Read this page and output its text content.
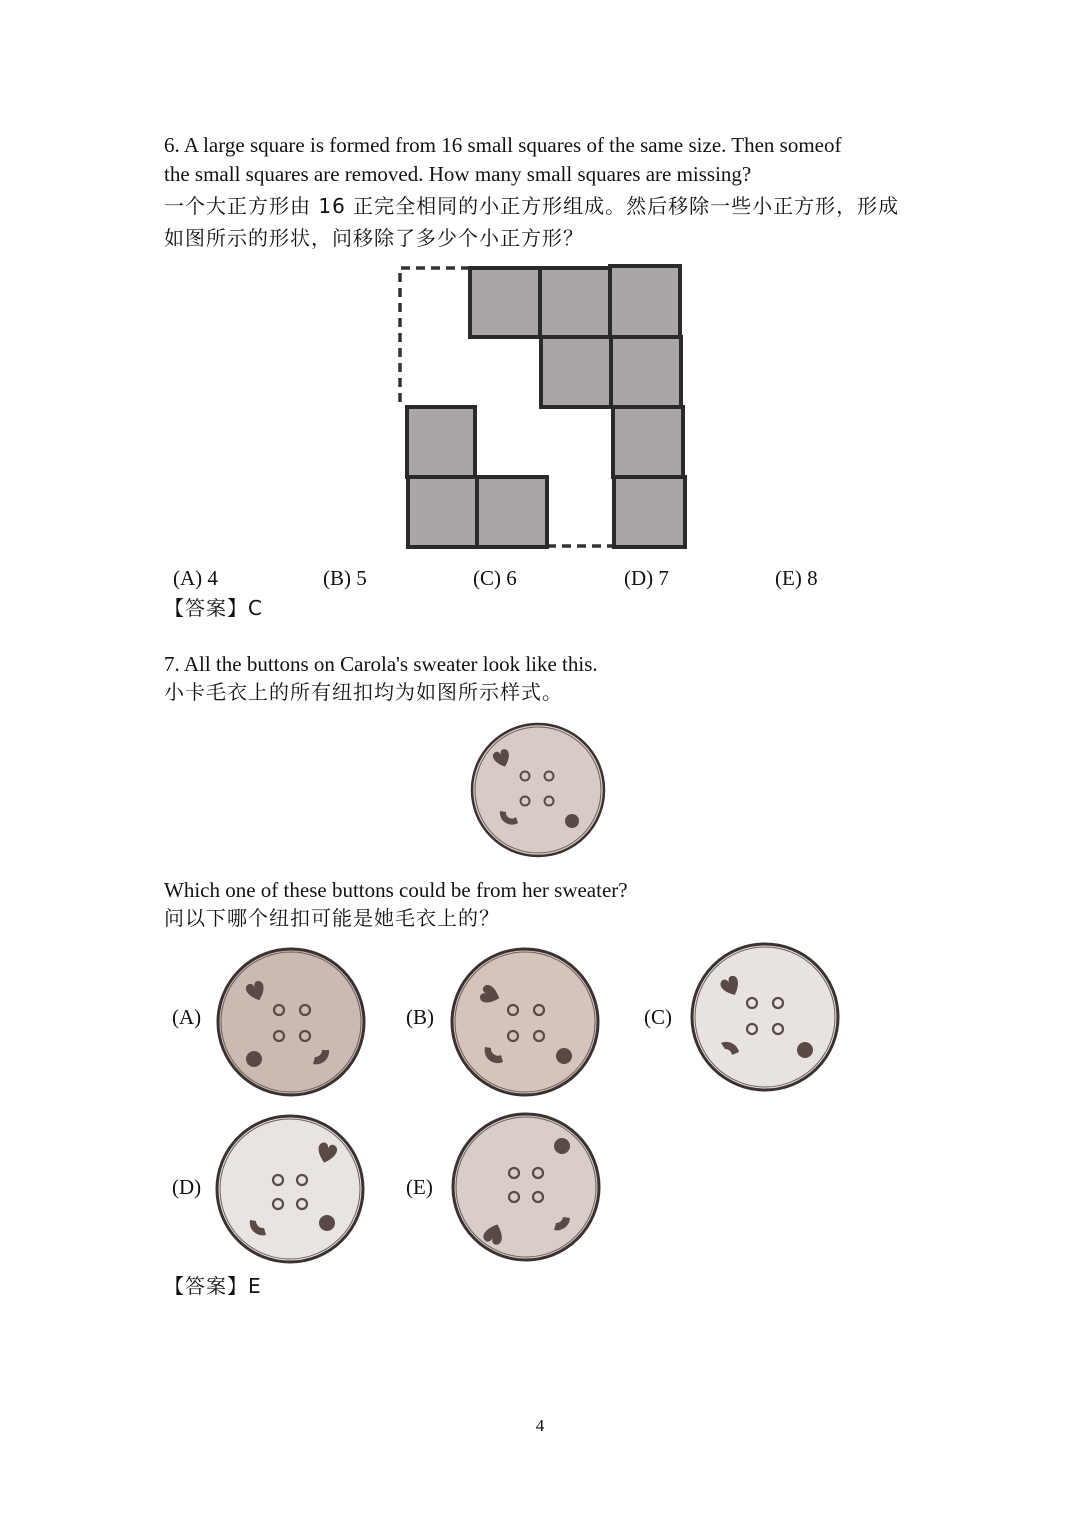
6. A large square is formed from 16 small squares of the same size. Then someof
the small squares are removed. How many small squares are missing?
一个大正方形由 16 正完全相同的小正方形组成。然后移除一些小正方形，形成
如图所示的形状，问移除了多少个小正方形？
(A) 4	(B) 5	(C) 6	(D) 7	(E) 8
【答案】C
7. All the buttons on Carola's sweater look like this.
小卡毛衣上的所有纽扣均为如图所示样式。
Which one of these buttons could be from her sweater?
问以下哪个纽扣可能是她毛衣上的？
(A)	(B)	(C)
(D)	(E)
【答案】E
4
